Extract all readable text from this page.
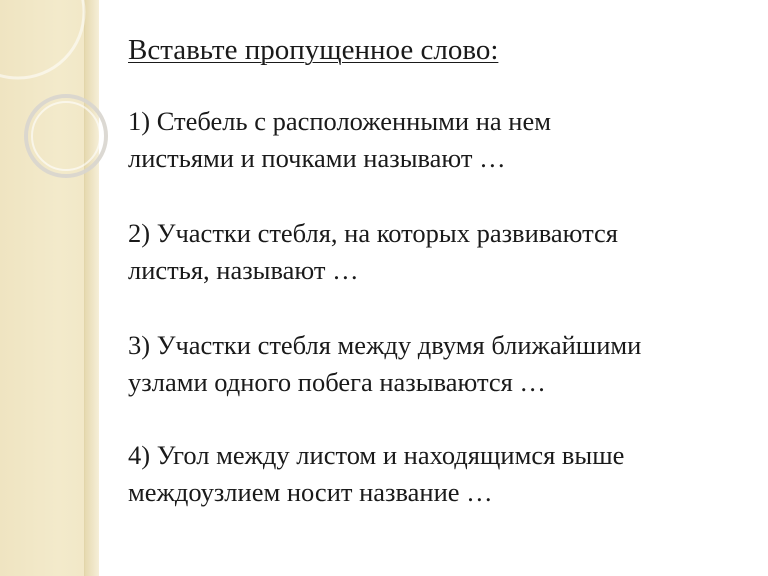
Вставьте пропущенное слово:
1) Стебель с расположенными на нем
листьями и почками называют …
2) Участки стебля, на которых развиваются
листья, называют …
3) Участки стебля между двумя ближайшими
узлами одного побега называются …
4) Угол между листом и находящимся выше
междоузлием носит название …
